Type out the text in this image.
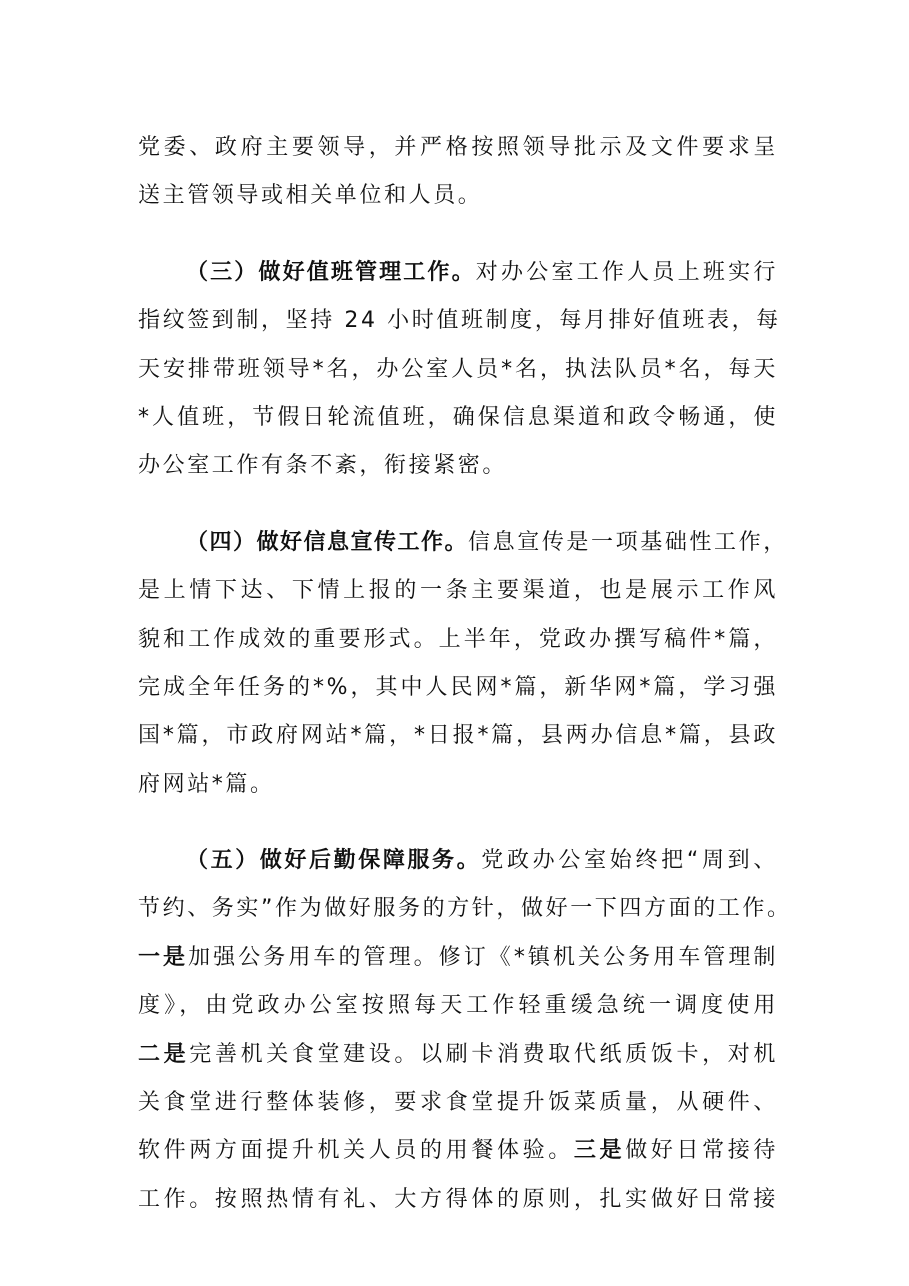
党委、政府主要领导，并严格按照领导批示及文件要求呈
送主管领导或相关单位和人员。
（三）做好值班管理工作。对办公室工作人员上班实行
指纹签到制，坚持 24 小时值班制度，每月排好值班表，每
天安排带班领导*名，办公室人员*名，执法队员*名，每天
*人值班，节假日轮流值班，确保信息渠道和政令畅通，使
办公室工作有条不紊，衔接紧密。
（四）做好信息宣传工作。信息宣传是一项基础性工作，
是上情下达、下情上报的一条主要渠道，也是展示工作风
貌和工作成效的重要形式。上半年，党政办撰写稿件*篇，
完成全年任务的*%，其中人民网*篇，新华网*篇，学习强
国*篇，市政府网站*篇，*日报*篇，县两办信息*篇，县政
府网站*篇。
（五）做好后勤保障服务。党政办公室始终把“周到、
节约、务实”作为做好服务的方针，做好一下四方面的工作。
一是加强公务用车的管理。修订《*镇机关公务用车管理制
度》，由党政办公室按照每天工作轻重缓急统一调度使用
二是完善机关食堂建设。以刷卡消费取代纸质饭卡，对机
关食堂进行整体装修，要求食堂提升饭菜质量，从硬件、
软件两方面提升机关人员的用餐体验。三是做好日常接待
工作。按照热情有礼、大方得体的原则，扎实做好日常接
